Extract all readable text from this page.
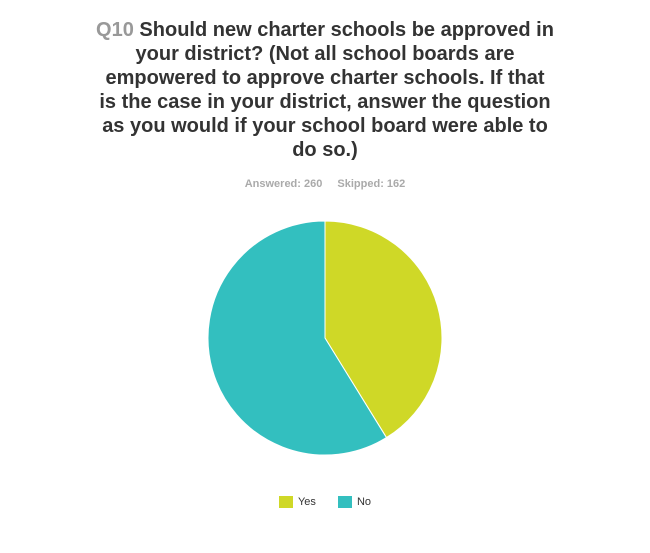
Q10 Should new charter schools be approved in your district? (Not all school boards are empowered to approve charter schools. If that is the case in your district, answer the question as you would if your school board were able to do so.)
Answered: 260 Skipped: 162
Yes	No
